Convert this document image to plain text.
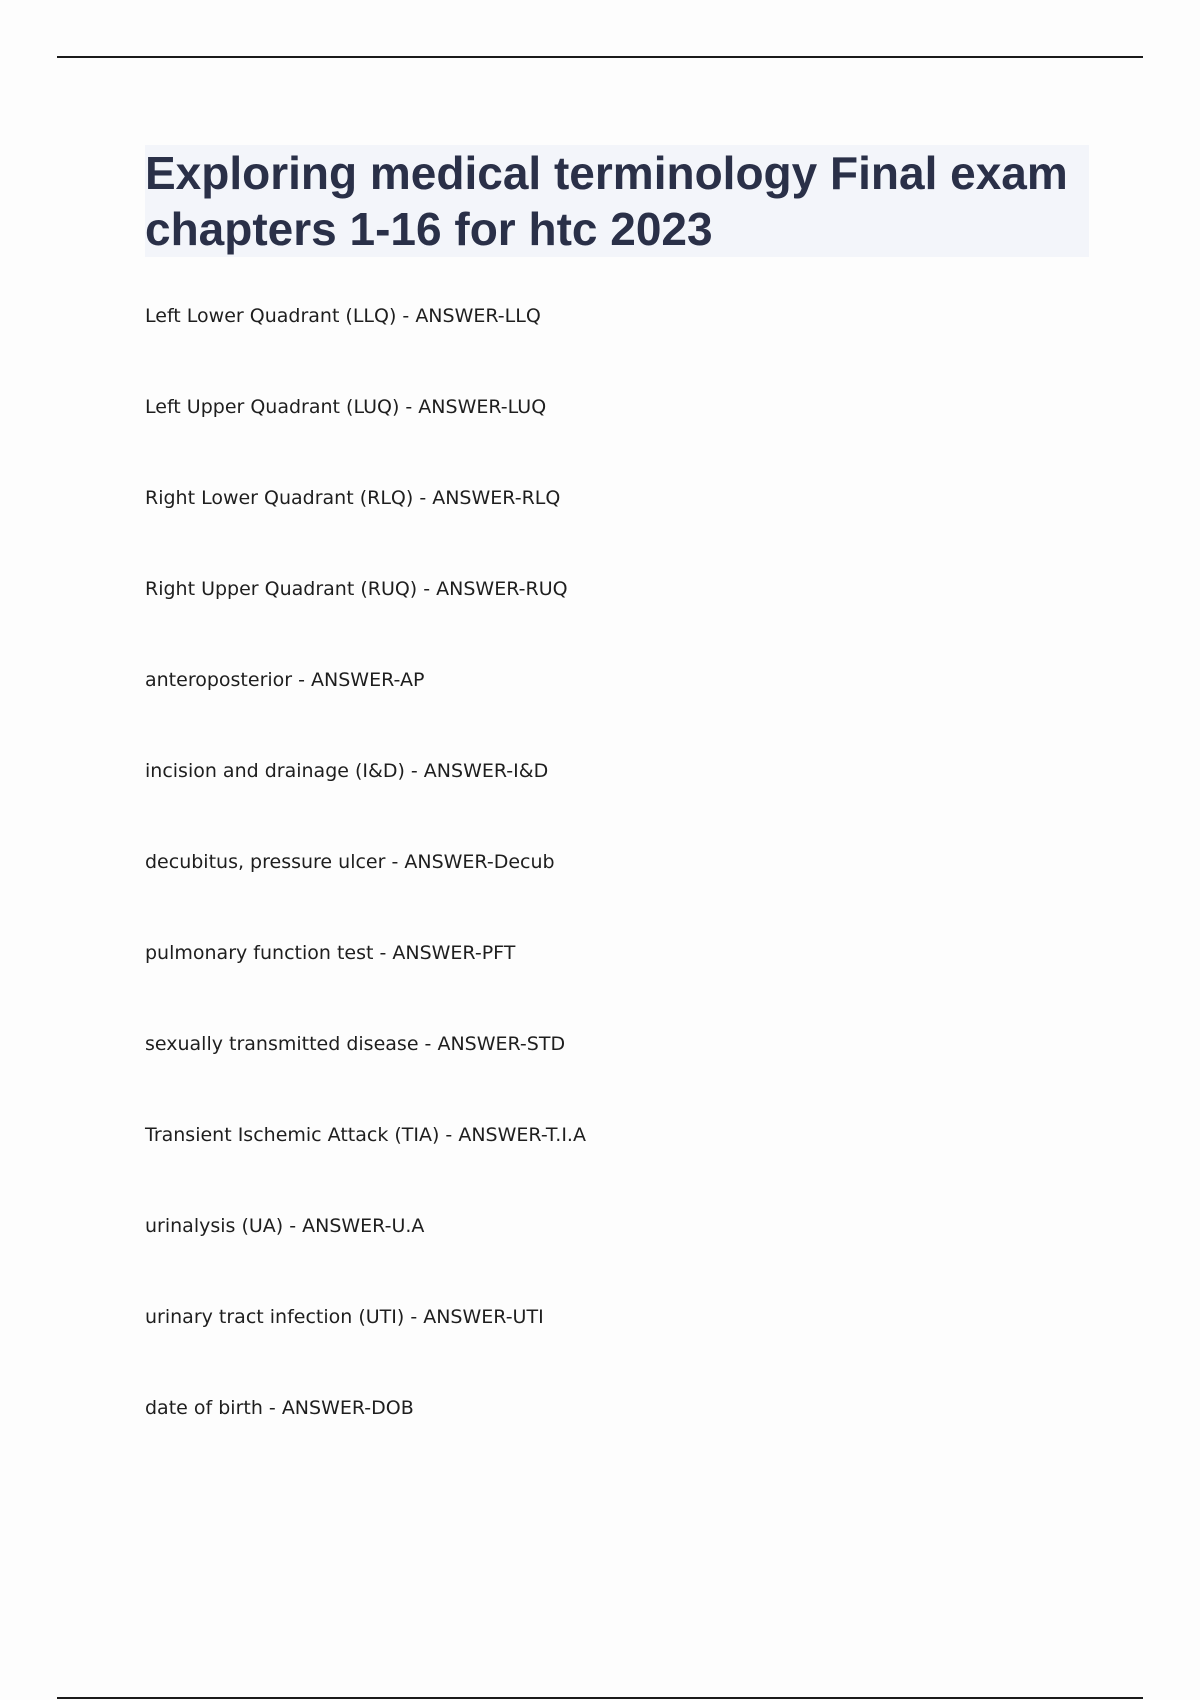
Exploring medical terminology Final exam chapters 1-16 for htc 2023
Left Lower Quadrant (LLQ) - ANSWER-LLQ
Left Upper Quadrant (LUQ) - ANSWER-LUQ
Right Lower Quadrant (RLQ) - ANSWER-RLQ
Right Upper Quadrant (RUQ) - ANSWER-RUQ
anteroposterior - ANSWER-AP
incision and drainage (I&D) - ANSWER-I&D
decubitus, pressure ulcer - ANSWER-Decub
pulmonary function test - ANSWER-PFT
sexually transmitted disease - ANSWER-STD
Transient Ischemic Attack (TIA) - ANSWER-T.I.A
urinalysis (UA) - ANSWER-U.A
urinary tract infection (UTI) - ANSWER-UTI
date of birth - ANSWER-DOB
